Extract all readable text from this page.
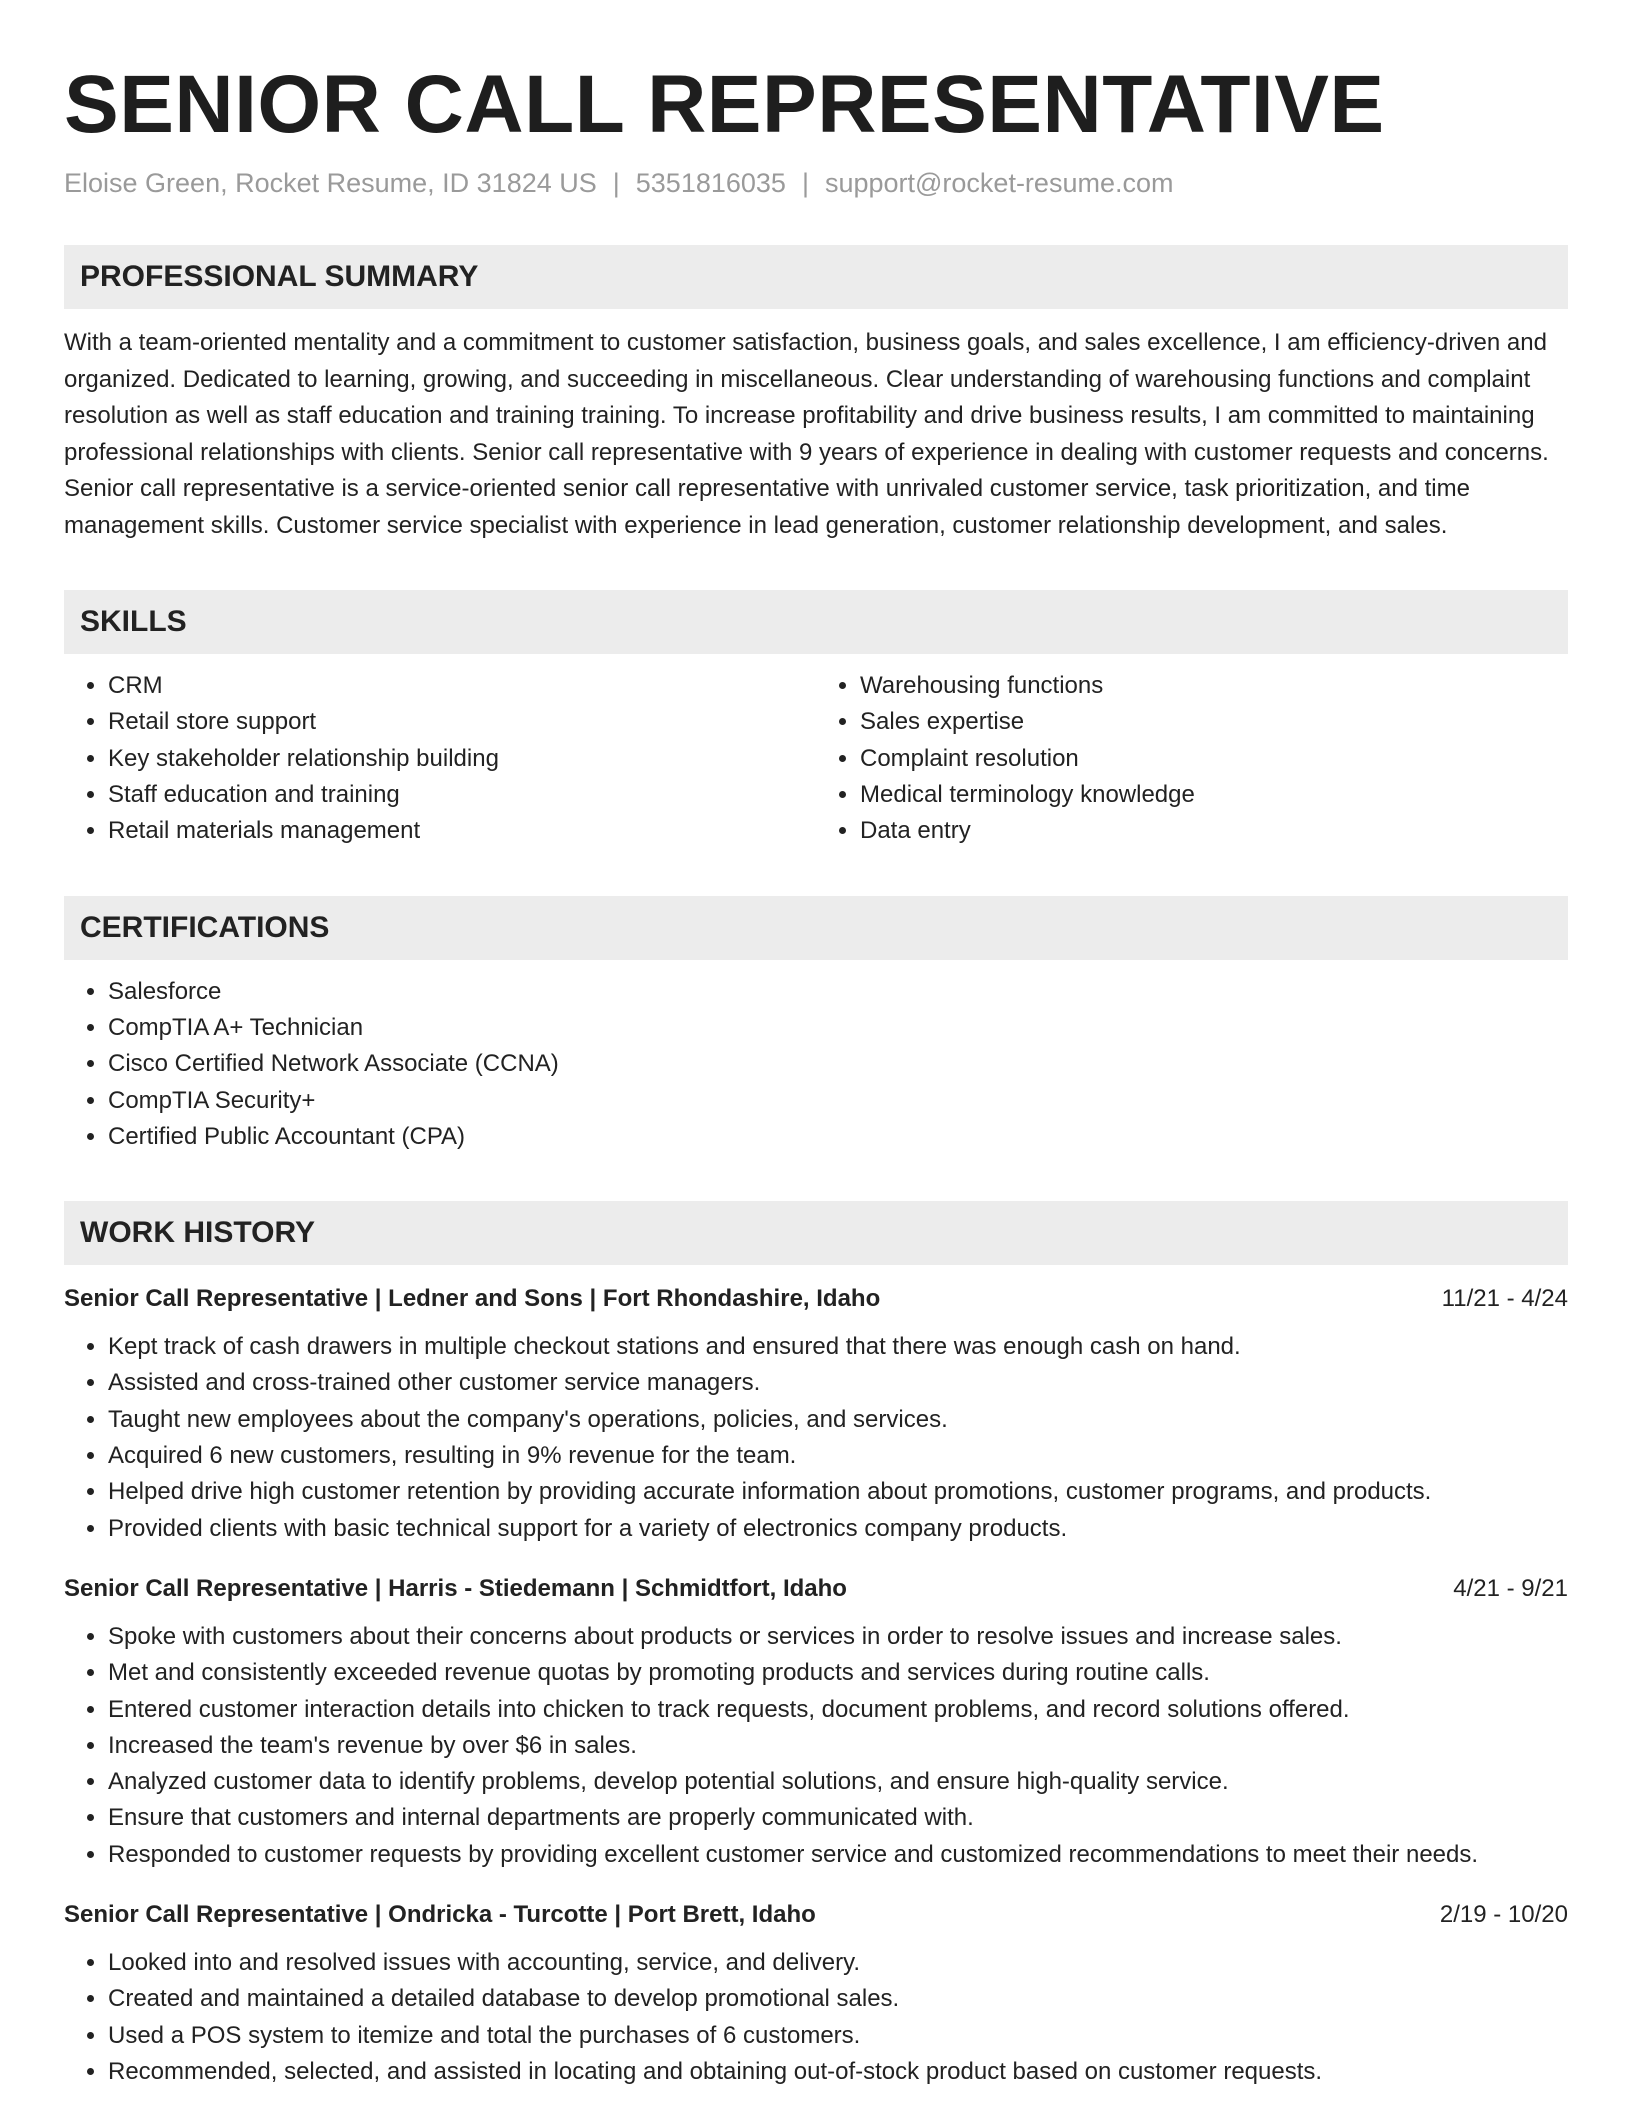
SENIOR CALL REPRESENTATIVE
Eloise Green, Rocket Resume, ID 31824 US | 5351816035 | support@rocket-resume.com
PROFESSIONAL SUMMARY
With a team-oriented mentality and a commitment to customer satisfaction, business goals, and sales excellence, I am efficiency-driven and organized. Dedicated to learning, growing, and succeeding in miscellaneous. Clear understanding of warehousing functions and complaint resolution as well as staff education and training training. To increase profitability and drive business results, I am committed to maintaining professional relationships with clients. Senior call representative with 9 years of experience in dealing with customer requests and concerns. Senior call representative is a service-oriented senior call representative with unrivaled customer service, task prioritization, and time management skills. Customer service specialist with experience in lead generation, customer relationship development, and sales.
SKILLS
• CRM
• Retail store support
• Key stakeholder relationship building
• Staff education and training
• Retail materials management
• Warehousing functions
• Sales expertise
• Complaint resolution
• Medical terminology knowledge
• Data entry
CERTIFICATIONS
• Salesforce
• CompTIA A+ Technician
• Cisco Certified Network Associate (CCNA)
• CompTIA Security+
• Certified Public Accountant (CPA)
WORK HISTORY
Senior Call Representative | Ledner and Sons | Fort Rhondashire, Idaho	11/21 - 4/24
• Kept track of cash drawers in multiple checkout stations and ensured that there was enough cash on hand.
• Assisted and cross-trained other customer service managers.
• Taught new employees about the company's operations, policies, and services.
• Acquired 6 new customers, resulting in 9% revenue for the team.
• Helped drive high customer retention by providing accurate information about promotions, customer programs, and products.
• Provided clients with basic technical support for a variety of electronics company products.
Senior Call Representative | Harris - Stiedemann | Schmidtfort, Idaho	4/21 - 9/21
• Spoke with customers about their concerns about products or services in order to resolve issues and increase sales.
• Met and consistently exceeded revenue quotas by promoting products and services during routine calls.
• Entered customer interaction details into chicken to track requests, document problems, and record solutions offered.
• Increased the team's revenue by over $6 in sales.
• Analyzed customer data to identify problems, develop potential solutions, and ensure high-quality service.
• Ensure that customers and internal departments are properly communicated with.
• Responded to customer requests by providing excellent customer service and customized recommendations to meet their needs.
Senior Call Representative | Ondricka - Turcotte | Port Brett, Idaho	2/19 - 10/20
• Looked into and resolved issues with accounting, service, and delivery.
• Created and maintained a detailed database to develop promotional sales.
• Used a POS system to itemize and total the purchases of 6 customers.
• Recommended, selected, and assisted in locating and obtaining out-of-stock product based on customer requests.
